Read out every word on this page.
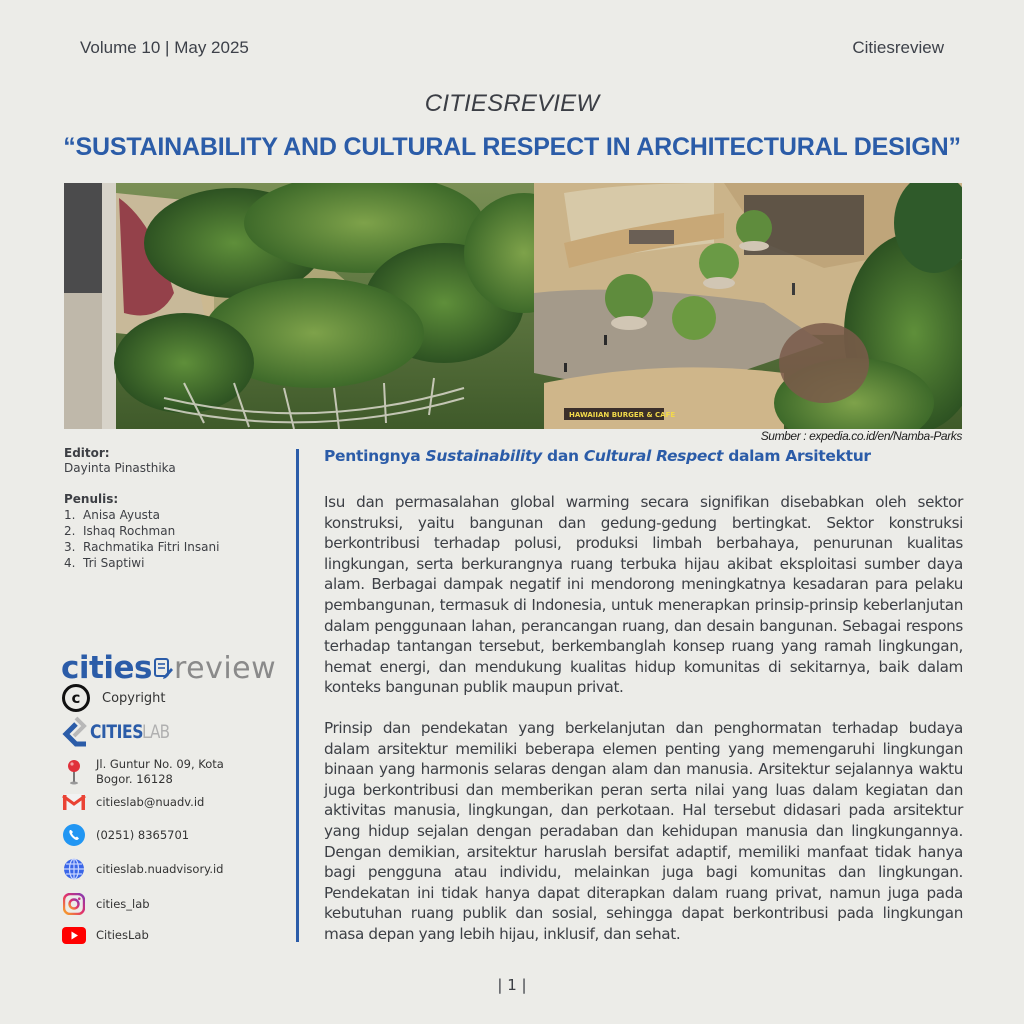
Volume 10 | May 2025	Citiesreview
CITIESREVIEW
“SUSTAINABILITY AND CULTURAL RESPECT IN ARCHITECTURAL DESIGN”
HAWAIIAN BURGER & CAFE
Sumber : expedia.co.id/en/Namba-Parks
Editor:
Dayinta Pinasthika
Penulis:
1. Anisa Ayusta
2. Ishaq Rochman
3. Rachmatika Fitri Insani
4. Tri Saptiwi
cities review
c	Copyright
CITIES
LAB
Jl. Guntur No. 09, Kota
Bogor. 16128
citieslab@nuadv.id
(0251) 8365701
citieslab.nuadvisory.id
cities_lab
CitiesLab
Pentingnya Sustainability dan Cultural Respect dalam Arsitektur

Isu dan permasalahan global warming secara signifikan disebabkan oleh sektor konstruksi, yaitu bangunan dan gedung-gedung bertingkat. Sektor konstruksi berkontribusi terhadap polusi, produksi limbah berbahaya, penurunan kualitas lingkungan, serta berkurangnya ruang terbuka hijau akibat eksploitasi sumber daya alam. Berbagai dampak negatif ini mendorong meningkatnya kesadaran para pelaku pembangunan, termasuk di Indonesia, untuk menerapkan prinsip-prinsip keberlanjutan dalam penggunaan lahan, perancangan ruang, dan desain bangunan. Sebagai respons terhadap tantangan tersebut, berkembanglah konsep ruang yang ramah lingkungan, hemat energi, dan mendukung kualitas hidup komunitas di sekitarnya, baik dalam konteks bangunan publik maupun privat.

Prinsip dan pendekatan yang berkelanjutan dan penghormatan terhadap budaya dalam arsitektur memiliki beberapa elemen penting yang memengaruhi lingkungan binaan yang harmonis selaras dengan alam dan manusia. Arsitektur sejalannya waktu juga berkontribusi dan memberikan peran serta nilai yang luas dalam kegiatan dan aktivitas manusia, lingkungan, dan perkotaan. Hal tersebut didasari pada arsitektur yang hidup sejalan dengan peradaban dan kehidupan manusia dan lingkungannya. Dengan demikian, arsitektur haruslah bersifat adaptif, memiliki manfaat tidak hanya bagi pengguna atau individu, melainkan juga bagi komunitas dan lingkungan. Pendekatan ini tidak hanya dapat diterapkan dalam ruang privat, namun juga pada kebutuhan ruang publik dan sosial, sehingga dapat berkontribusi pada lingkungan masa depan yang lebih hijau, inklusif, dan sehat.

| 1 |
